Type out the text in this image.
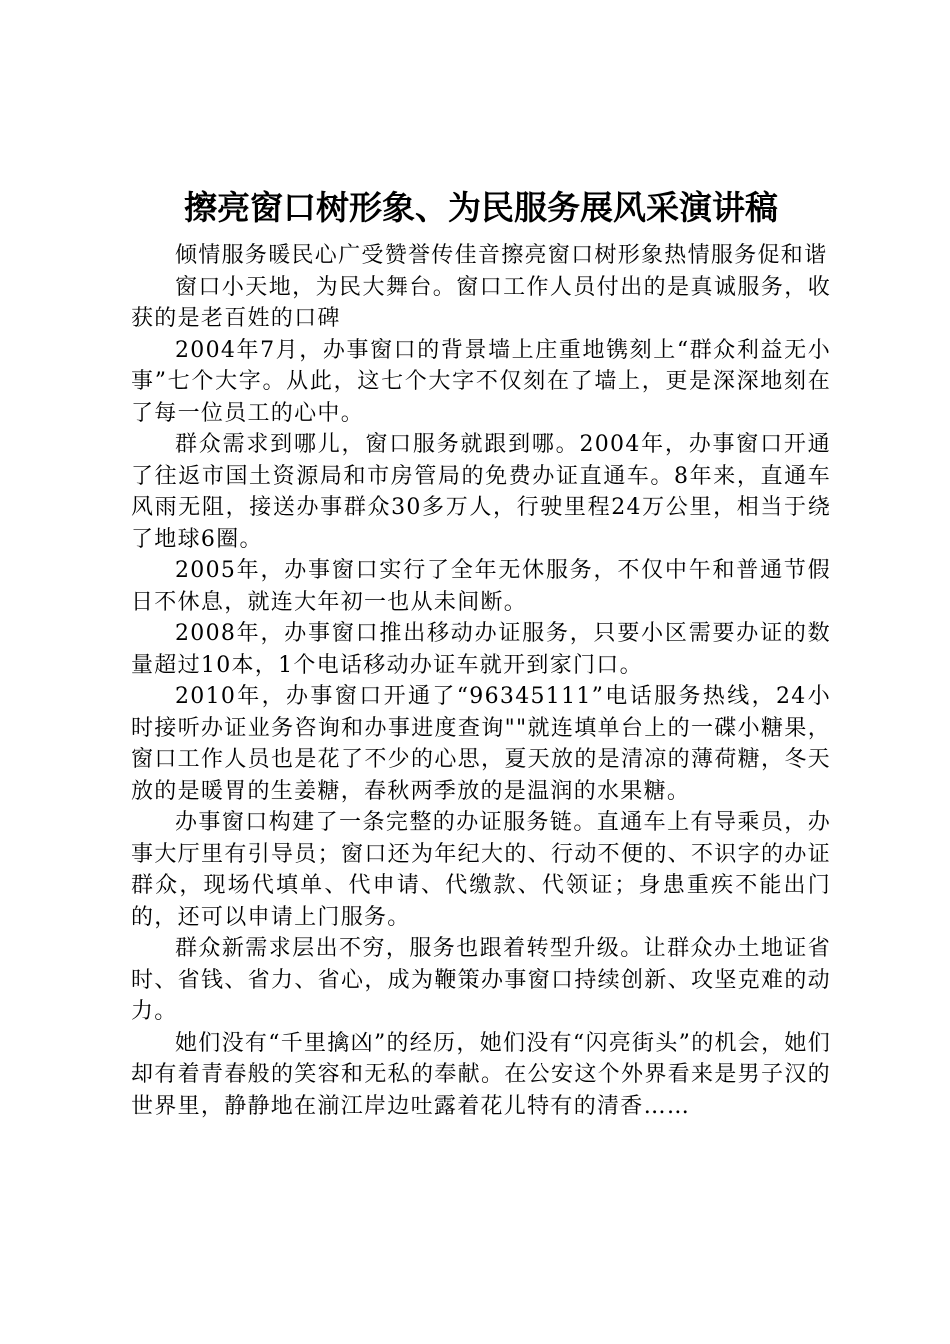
擦亮窗口树形象、为民服务展风采演讲稿

倾情服务暖民心广受赞誉传佳音擦亮窗口树形象热情服务促和谐

窗口小天地，为民大舞台。窗口工作人员付出的是真诚服务，收获的是老百姓的口碑

2004年7月，办事窗口的背景墙上庄重地镌刻上“群众利益无小事”七个大字。从此，这七个大字不仅刻在了墙上，更是深深地刻在了每一位员工的心中。

群众需求到哪儿，窗口服务就跟到哪。2004年，办事窗口开通了往返市国土资源局和市房管局的免费办证直通车。8年来，直通车风雨无阻，接送办事群众30多万人，行驶里程24万公里，相当于绕了地球6圈。

2005年，办事窗口实行了全年无休服务，不仅中午和普通节假日不休息，就连大年初一也从未间断。

2008年，办事窗口推出移动办证服务，只要小区需要办证的数量超过10本，1个电话移动办证车就开到家门口。

2010年，办事窗口开通了“96345111”电话服务热线，24小时接听办证业务咨询和办事进度查询""就连填单台上的一碟小糖果，窗口工作人员也是花了不少的心思，夏天放的是清凉的薄荷糖，冬天放的是暖胃的生姜糖，春秋两季放的是温润的水果糖。

办事窗口构建了一条完整的办证服务链。直通车上有导乘员，办事大厅里有引导员；窗口还为年纪大的、行动不便的、不识字的办证群众，现场代填单、代申请、代缴款、代领证；身患重疾不能出门的，还可以申请上门服务。

群众新需求层出不穷，服务也跟着转型升级。让群众办土地证省时、省钱、省力、省心，成为鞭策办事窗口持续创新、攻坚克难的动力。

她们没有“千里擒凶”的经历，她们没有“闪亮街头”的机会，她们却有着青春般的笑容和无私的奉献。在公安这个外界看来是男子汉的世界里，静静地在湔江岸边吐露着花儿特有的清香……
